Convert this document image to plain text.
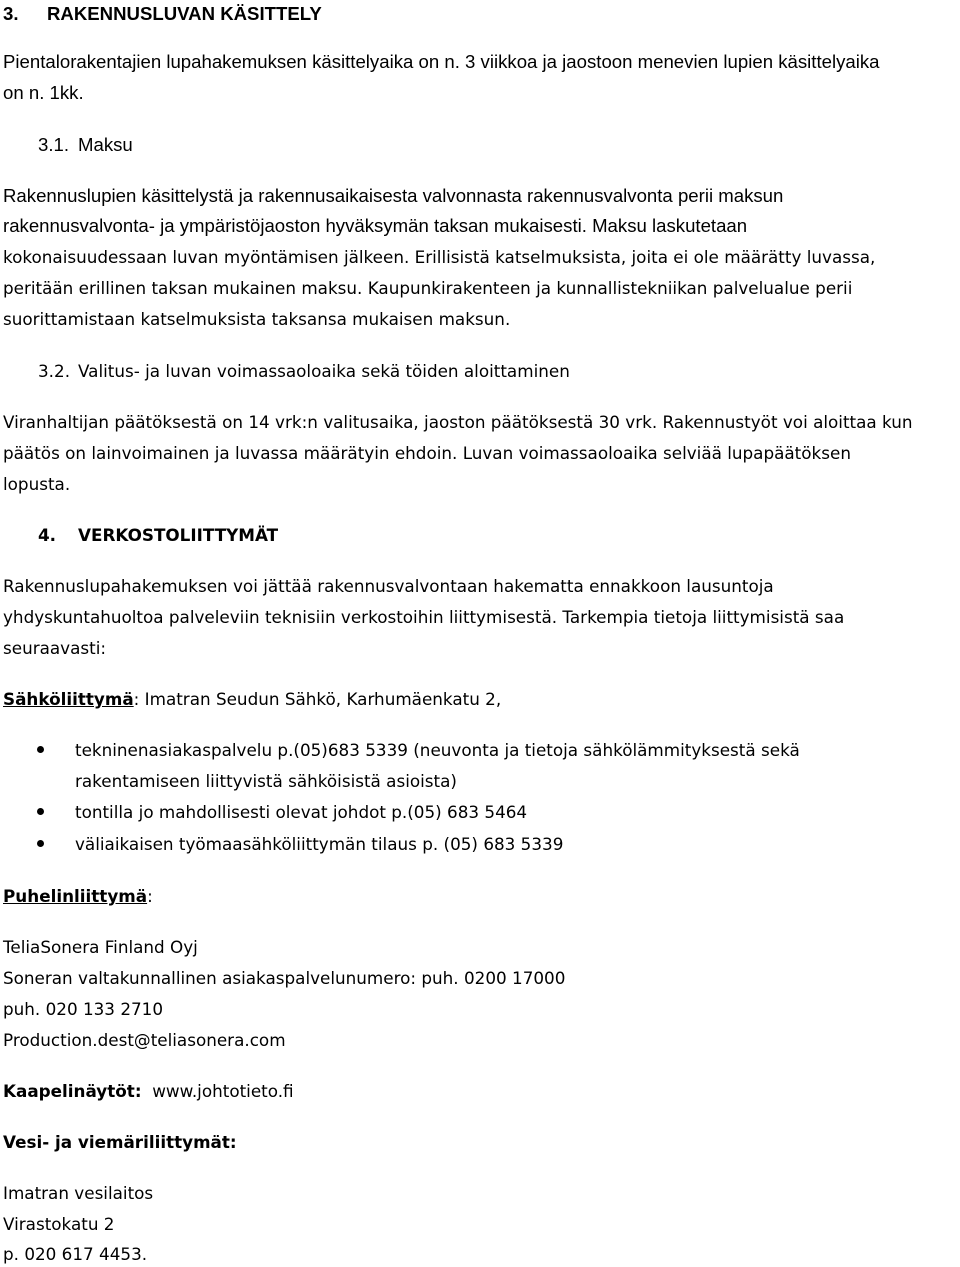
3. RAKENNUSLUVAN KÄSITTELY
Pientalorakentajien lupahakemuksen käsittelyaika on n. 3 viikkoa ja jaostoon menevien lupien käsittelyaika
on n. 1kk.
3.1. Maksu
Rakennuslupien käsittelystä ja rakennusaikaisesta valvonnasta rakennusvalvonta perii maksun
rakennusvalvonta- ja ympäristöjaoston hyväksymän taksan mukaisesti. Maksu laskutetaan
kokonaisuudessaan luvan myöntämisen jälkeen. Erillisistä katselmuksista, joita ei ole määrätty luvassa,
peritään erillinen taksan mukainen maksu. Kaupunkirakenteen ja kunnallistekniikan palvelualue perii
suorittamistaan katselmuksista taksansa mukaisen maksun.
3.2. Valitus- ja luvan voimassaoloaika sekä töiden aloittaminen
Viranhaltijan päätöksestä on 14 vrk:n valitusaika, jaoston päätöksestä 30 vrk. Rakennustyöt voi aloittaa kun
päätös on lainvoimainen ja luvassa määrätyin ehdoin. Luvan voimassaoloaika selviää lupapäätöksen
lopusta.
4. VERKOSTOLIITTYMÄT
Rakennuslupahakemuksen voi jättää rakennusvalvontaan hakematta ennakkoon lausuntoja
yhdyskuntahuoltoa palveleviin teknisiin verkostoihin liittymisestä. Tarkempia tietoja liittymisistä saa
seuraavasti:
Sähköliittymä: Imatran Seudun Sähkö, Karhumäenkatu 2,
tekninenasiakaspalvelu p.(05)683 5339 (neuvonta ja tietoja sähkölämmityksestä sekä
rakentamiseen liittyvistä sähköisistä asioista)
tontilla jo mahdollisesti olevat johdot p.(05) 683 5464
väliaikaisen työmaasähköliittymän tilaus p. (05) 683 5339
Puhelinliittymä:
TeliaSonera Finland Oyj
Soneran valtakunnallinen asiakaspalvelunumero: puh. 0200 17000
puh. 020 133 2710
Production.dest@teliasonera.com
Kaapelinäytöt: www.johtotieto.fi
Vesi- ja viemäriliittymät:
Imatran vesilaitos
Virastokatu 2
p. 020 617 4453.
